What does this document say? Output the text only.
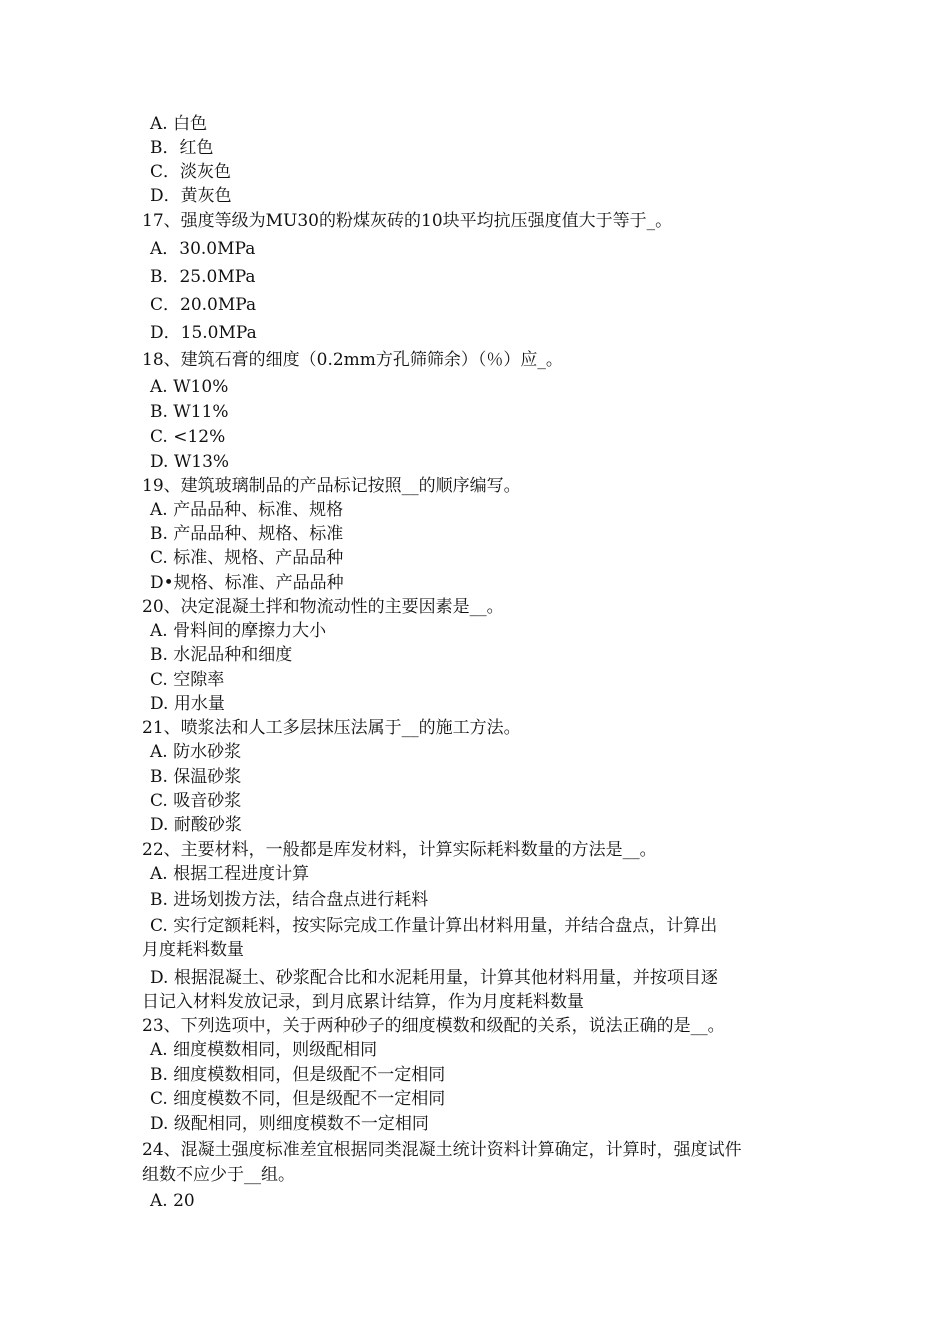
A. 白色
B．红色
C．淡灰色
D．黄灰色
17、强度等级为MU30的粉煤灰砖的10块平均抗压强度值大于等于_。
A．30.0MPa
B．25.0MPa
C．20.0MPa
D．15.0MPa
18、建筑石膏的细度（0.2mm方孔筛筛余）（％）应_。
A. W10%
B. W11%
C. <12%
D. W13%
19、建筑玻璃制品的产品标记按照__的顺序编写。
A. 产品品种、标准、规格
B. 产品品种、规格、标准
C. 标准、规格、产品品种
D•规格、标准、产品品种
20、决定混凝土拌和物流动性的主要因素是__。
A. 骨料间的摩擦力大小
B. 水泥品种和细度
C. 空隙率
D. 用水量
21、喷浆法和人工多层抹压法属于__的施工方法。
A. 防水砂浆
B. 保温砂浆
C. 吸音砂浆
D. 耐酸砂浆
22、主要材料，一般都是库发材料，计算实际耗料数量的方法是__。
A. 根据工程进度计算
B. 进场划拨方法，结合盘点进行耗料
C. 实行定额耗料，按实际完成工作量计算出材料用量，并结合盘点，计算出
月度耗料数量
D. 根据混凝土、砂浆配合比和水泥耗用量，计算其他材料用量，并按项目逐
日记入材料发放记录，到月底累计结算，作为月度耗料数量
23、下列选项中，关于两种砂子的细度模数和级配的关系，说法正确的是__。
A. 细度模数相同，则级配相同
B. 细度模数相同，但是级配不一定相同
C. 细度模数不同，但是级配不一定相同
D. 级配相同，则细度模数不一定相同
24、混凝土强度标准差宜根据同类混凝土统计资料计算确定，计算时，强度试件
组数不应少于__组。
A. 20
